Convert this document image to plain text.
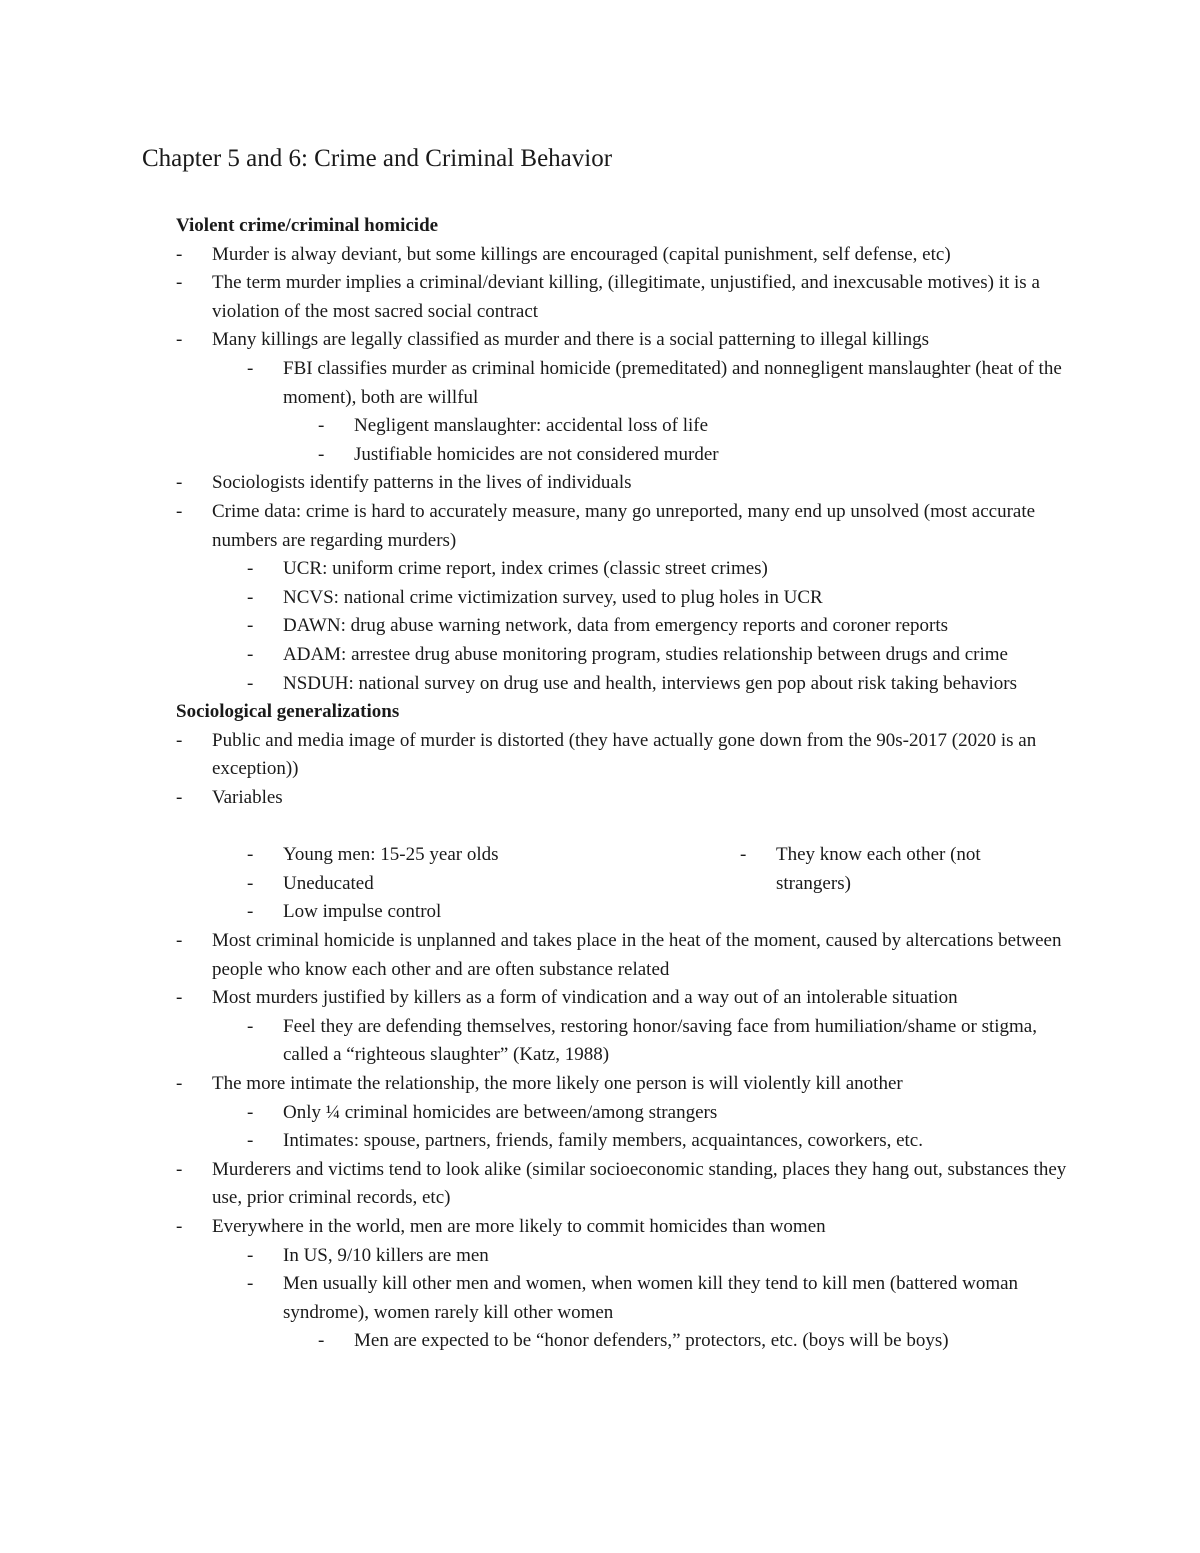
Chapter 5 and 6: Crime and Criminal Behavior

Violent crime/criminal homicide

-	Murder is alway deviant, but some killings are encouraged (capital punishment, self defense, etc)

-	The term murder implies a criminal/deviant killing, (illegitimate, unjustified, and inexcusable motives) it is a violation of the most sacred social contract

-	Many killings are legally classified as murder and there is a social patterning to illegal killings

-	FBI classifies murder as criminal homicide (premeditated) and nonnegligent manslaughter (heat of the moment), both are willful

-	Negligent manslaughter: accidental loss of life

-	Justifiable homicides are not considered murder

-	Sociologists identify patterns in the lives of individuals

-	Crime data: crime is hard to accurately measure, many go unreported, many end up unsolved (most accurate numbers are regarding murders)

-	UCR: uniform crime report, index crimes (classic street crimes)

-	NCVS: national crime victimization survey, used to plug holes in UCR

-	DAWN: drug abuse warning network, data from emergency reports and coroner reports

-	ADAM: arrestee drug abuse monitoring program, studies relationship between drugs and crime

-	NSDUH: national survey on drug use and health, interviews gen pop about risk taking behaviors

Sociological generalizations

-	Public and media image of murder is distorted (they have actually gone down from the 90s-2017 (2020 is an exception))

-	Variables

-	Young men: 15-25 year olds

-	Uneducated

-	Low impulse control

-	They know each other (not strangers)

-	Most criminal homicide is unplanned and takes place in the heat of the moment, caused by altercations between people who know each other and are often substance related

-	Most murders justified by killers as a form of vindication and a way out of an intolerable situation

-	Feel they are defending themselves, restoring honor/saving face from humiliation/shame or stigma, called a “righteous slaughter” (Katz, 1988)

-	The more intimate the relationship, the more likely one person is will violently kill another

-	Only ¼ criminal homicides are between/among strangers

-	Intimates: spouse, partners, friends, family members, acquaintances, coworkers, etc.

-	Murderers and victims tend to look alike (similar socioeconomic standing, places they hang out, substances they use, prior criminal records, etc)

-	Everywhere in the world, men are more likely to commit homicides than women

-	In US, 9/10 killers are men

-	Men usually kill other men and women, when women kill they tend to kill men (battered woman syndrome), women rarely kill other women

-	Men are expected to be “honor defenders,” protectors, etc. (boys will be boys)
